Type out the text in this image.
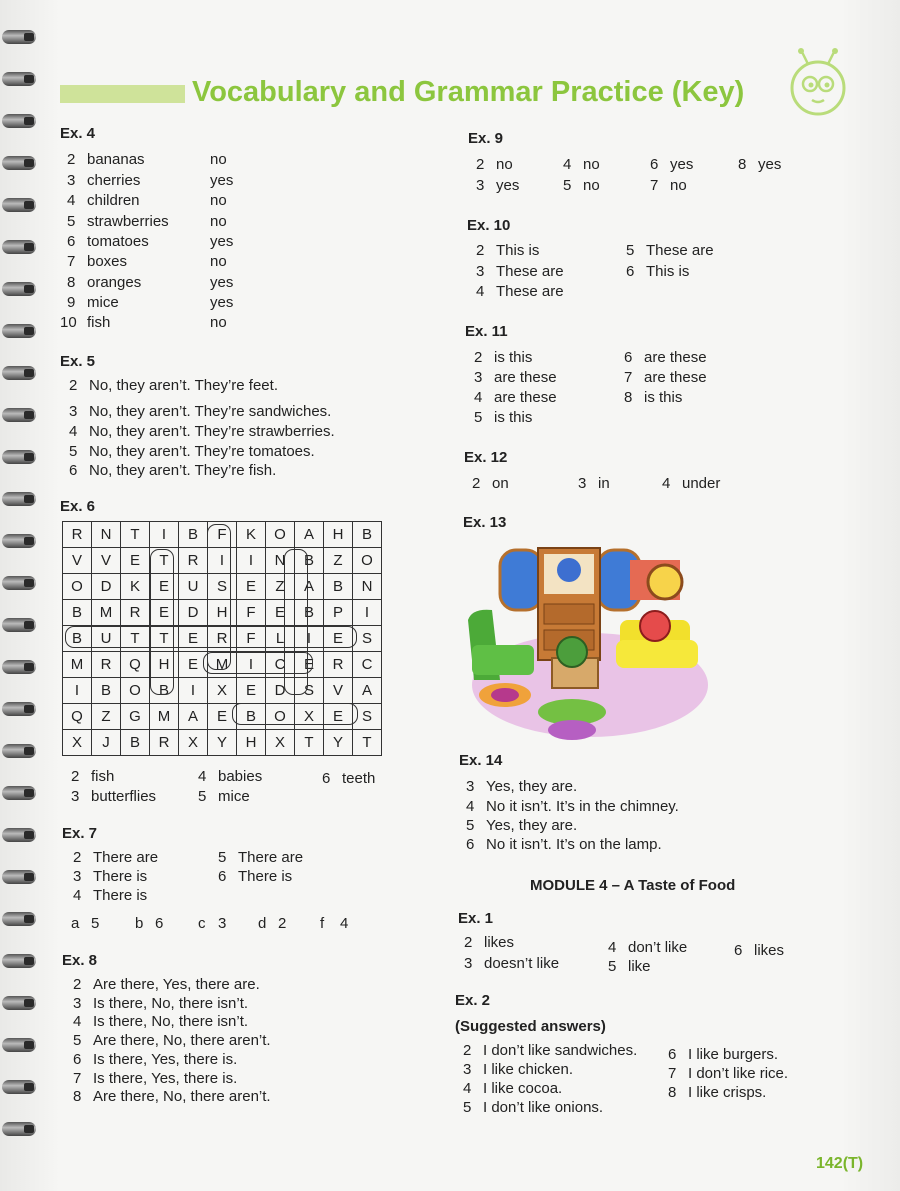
Vocabulary and Grammar Practice (Key)
Ex. 4
2 bananas	no
3 cherries	yes
4 children	no
5 strawberries	no
6 tomatoes	yes
7 boxes	no
8 oranges	yes
9 mice	yes
10 fish	no
Ex. 5
2 No, they aren’t. They’re feet.
3 No, they aren’t. They’re sandwiches.
4 No, they aren’t. They’re strawberries.
5 No, they aren’t. They’re tomatoes.
6 No, they aren’t. They’re fish.
Ex. 6
R	N	T	I	B	F	K	O	A	H	B
V	V	E	T	R	I	I	N	B	Z	O
O	D	K	E	U	S	E	Z	A	B	N
B	M	R	E	D	H	F	E	B	P	I
B	U	T	T	E	R	F	L	I	E	S
M	R	Q	H	E	M	I	C	E	R	C
I	B	O	B	I	X	E	D	S	V	A
Q	Z	G	M	A	E	B	O	X	E	S
X	J	B	R	X	Y	H	X	T	Y	T
2 fish
3 butterflies
4 babies
5 mice
6 teeth
Ex. 7
2 There are
3 There is
4 There is
5 There are
6 There is
a 5 b 6 c 3 d 2 f 4
Ex. 8
2 Are there, Yes, there are.
3 Is there, No, there isn’t.
4 Is there, No, there isn’t.
5 Are there, No, there aren’t.
6 Is there, Yes, there is.
7 Is there, Yes, there is.
8 Are there, No, there aren’t.
Ex. 9
2 no	4 no	6 yes	8 yes
3 yes	5 no	7 no
Ex. 10
2 This is
3 These are
4 These are
5 These are
6 This is
Ex. 11
2 is this
3 are these
4 are these
5 is this
6 are these
7 are these
8 is this
Ex. 12
2 on	3 in	4 under
Ex. 13
Ex. 14
3 Yes, they are.
4 No it isn’t. It’s in the chimney.
5 Yes, they are.
6 No it isn’t. It’s on the lamp.
MODULE 4 – A Taste of Food
Ex. 1
2 likes
3 doesn’t like
4 don’t like
5 like
6 likes
Ex. 2
(Suggested answers)
2 I don’t like sandwiches.
3 I like chicken.
4 I like cocoa.
5 I don’t like onions.
6 I like burgers.
7 I don’t like rice.
8 I like crisps.
142(T)
